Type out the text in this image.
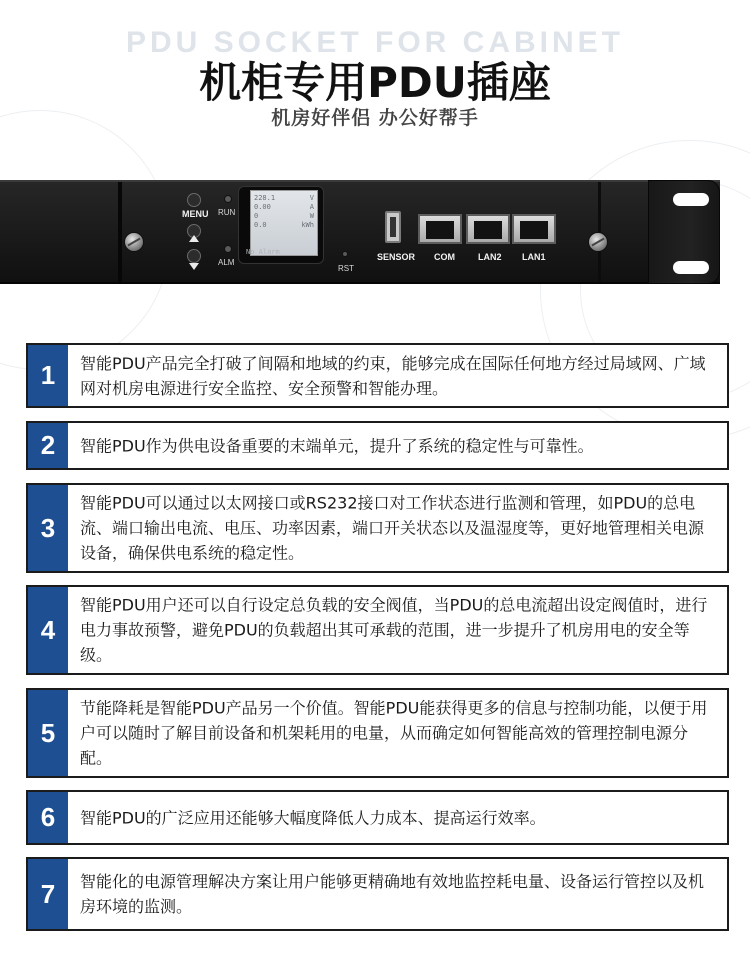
PDU SOCKET FOR CABINET
机柜专用PDU插座
机房好伴侣 办公好帮手
MENU RUN
ALM
228.1	V
0.00	A
0	W
0.0	kWh
No Alarm
RST
SENSOR COM	LAN2 LAN1
1	智能PDU产品完全打破了间隔和地域的约束，能够完成在国际任何地方经过局域网、广域网对机房电源进行安全监控、安全预警和智能办理。
2	智能PDU作为供电设备重要的末端单元，提升了系统的稳定性与可靠性。
3
智能PDU可以通过以太网接口或RS232接口对工作状态进行监测和管理，如PDU的总电流、端口输出电流、电压、功率因素，端口开关状态以及温湿度等，更好地管理相关电源设备，确保供电系统的稳定性。
4
智能PDU用户还可以自行设定总负载的安全阀值，当PDU的总电流超出设定阀值时，进行电力事故预警，避免PDU的负载超出其可承载的范围，进一步提升了机房用电的安全等级。
5
节能降耗是智能PDU产品另一个价值。智能PDU能获得更多的信息与控制功能，以便于用户可以随时了解目前设备和机架耗用的电量，从而确定如何智能高效的管理控制电源分配。
6	智能PDU的广泛应用还能够大幅度降低人力成本、提高运行效率。
7	智能化的电源管理解决方案让用户能够更精确地有效地监控耗电量、设备运行管控以及机房环境的监测。
